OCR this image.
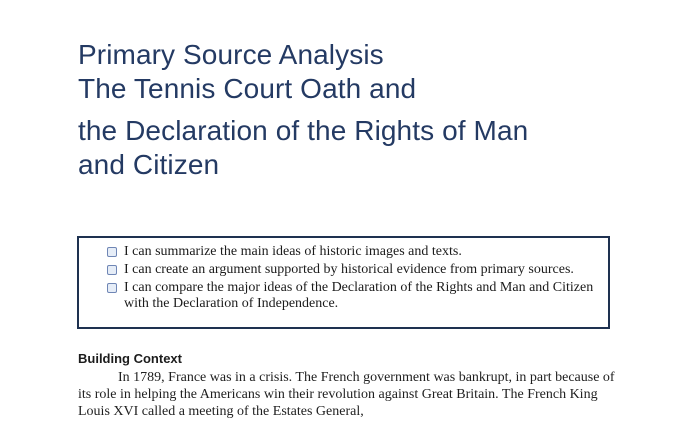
Primary Source Analysis
The Tennis Court Oath and
the Declaration of the Rights of Man
and Citizen
I can summarize the main ideas of historic images and texts.
I can create an argument supported by historical evidence from primary sources.
I can compare the major ideas of the Declaration of the Rights and Man and Citizen with the Declaration of Independence.
Building Context

In 1789, France was in a crisis. The French government was bankrupt, in part because of its role in helping the Americans win their revolution against Great Britain. The French King Louis XVI called a meeting of the Estates General,
